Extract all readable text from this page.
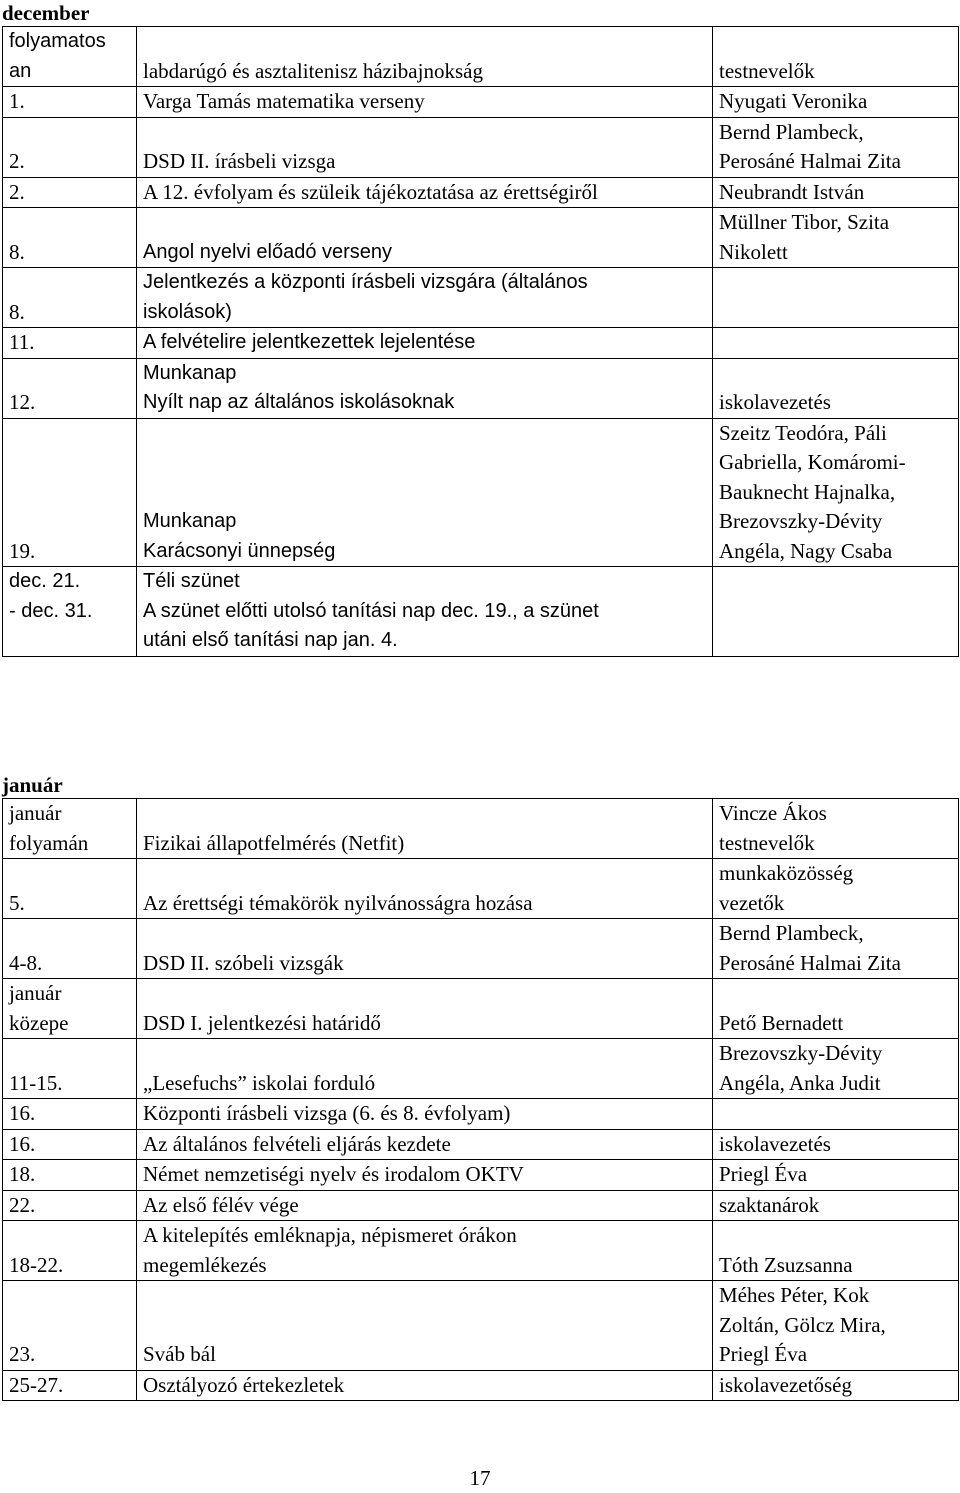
december
folyamatos
an	labdarúgó és asztalitenisz házibajnokság	testnevelők

1.	Varga Tamás matematika verseny	Nyugati Veronika

2.	DSD II. írásbeli vizsga	Bernd Plambeck,
Perosáné Halmai Zita

2.	A 12. évfolyam és szüleik tájékoztatása az érettségiről	Neubrandt István

8.	Angol nyelvi előadó verseny	Müllner Tibor, Szita
Nikolett

8.	Jelentkezés a központi írásbeli vizsgára (általános
iskolások)	

11.	A felvételire jelentkezettek lejelentése	

12.	Munkanap
Nyílt nap az általános iskolásoknak	iskolavezetés

19.	Munkanap
Karácsonyi ünnepség	Szeitz Teodóra, Páli
Gabriella, Komáromi-
Bauknecht Hajnalka,
Brezovszky-Dévity
Angéla, Nagy Csaba

dec. 21.
- dec. 31.	Téli szünet
A szünet előtti utolsó tanítási nap dec. 19., a szünet
utáni első tanítási nap jan. 4.	

január
január
folyamán	Fizikai állapotfelmérés (Netfit)	Vincze Ákos
testnevelők

5.	Az érettségi témakörök nyilvánosságra hozása	munkaközösség
vezetők

4-8.	DSD II. szóbeli vizsgák	Bernd Plambeck,
Perosáné Halmai Zita

január
közepe	DSD I. jelentkezési határidő	Pető Bernadett

11-15.	„Lesefuchs” iskolai forduló	Brezovszky-Dévity
Angéla, Anka Judit

16.	Központi írásbeli vizsga (6. és 8. évfolyam)	

16.	Az általános felvételi eljárás kezdete	iskolavezetés

18.	Német nemzetiségi nyelv és irodalom OKTV	Priegl Éva

22.	Az első félév vége	szaktanárok

18-22.	A kitelepítés emléknapja, népismeret órákon
megemlékezés	Tóth Zsuzsanna

23.	Sváb bál	Méhes Péter, Kok
Zoltán, Gölcz Mira,
Priegl Éva

25-27.	Osztályozó értekezletek	iskolavezetőség
17
